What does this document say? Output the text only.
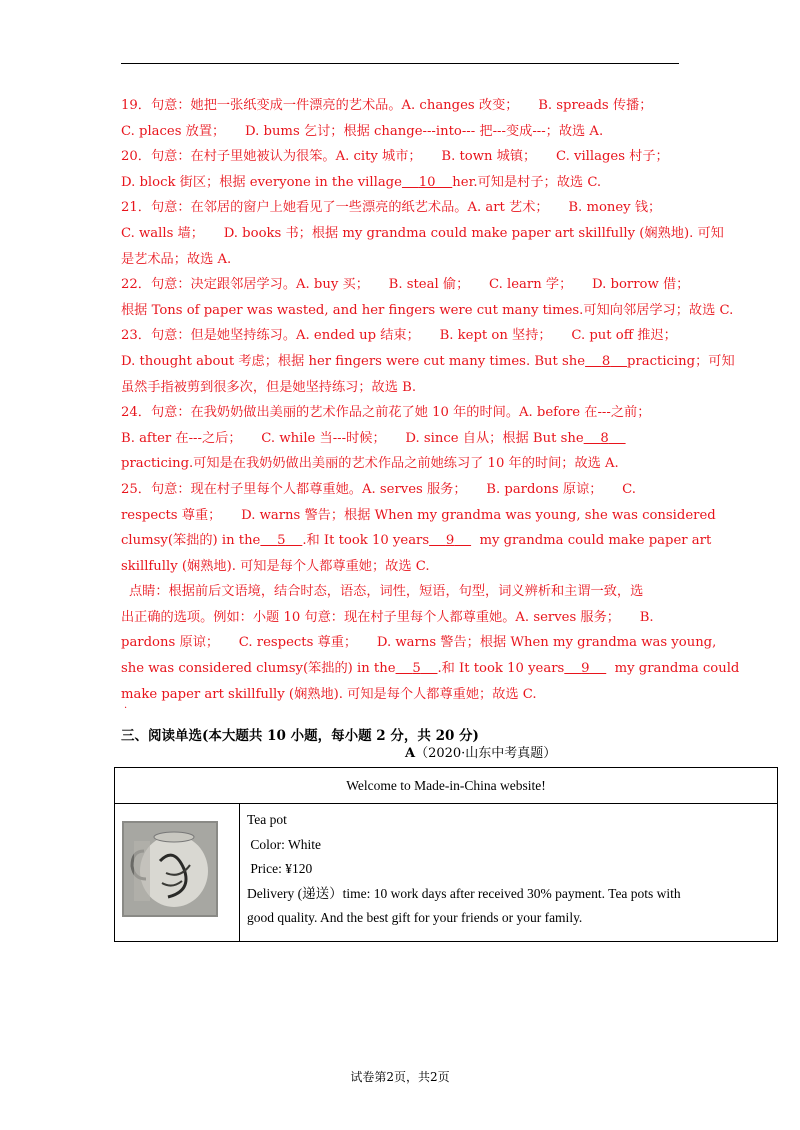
19．句意：她把一张纸变成一件漂亮的艺术品。A. changes 改变；　　B. spreads 传播；
C. places 放置；　　D. bums 乞讨；根据 change---into--- 把---变成---；故选 A.
20．句意：在村子里她被认为很笨。A. city 城市；　　B. town 城镇；　　C. villages 村子；
D. block 街区；根据 everyone in the village 10 her.可知是村子；故选 C.
21．句意：在邻居的窗户上她看见了一些漂亮的纸艺术品。A. art 艺术；　　B. money 钱；
C. walls 墙；　　D. books 书；根据 my grandma could make paper art skillfully (娴熟地). 可知
是艺术品；故选 A.
22．句意：决定跟邻居学习。A. buy 买；　　B. steal 偷；　　C. learn 学；　　D. borrow 借；
根据 Tons of paper was wasted, and her fingers were cut many times.可知向邻居学习；故选 C.
23．句意：但是她坚持练习。A. ended up 结束；　　B. kept on 坚持；　　C. put off 推迟；
D. thought about 考虑；根据 her fingers were cut many times. But she 8 practicing；可知
虽然手指被剪到很多次，但是她坚持练习；故选 B.
24．句意：在我奶奶做出美丽的艺术作品之前花了她 10 年的时间。A. before 在---之前；
B. after 在---之后；　　C. while 当---时候；　　D. since 自从；根据 But she 8
practicing.可知是在我奶奶做出美丽的艺术作品之前她练习了 10 年的时间；故选 A.
25．句意：现在村子里每个人都尊重她。A. serves 服务；　　B. pardons 原谅；　　C.
respects 尊重；　　D. warns 警告；根据 When my grandma was young, she was considered
clumsy(笨拙的) in the 5 .和 It took 10 years 9 my grandma could make paper art
skillfully (娴熟地). 可知是每个人都尊重她；故选 C.
点睛：根据前后文语境，结合时态，语态，词性，短语，句型，词义辨析和主谓一致，选
出正确的选项。例如：小题 10 句意：现在村子里每个人都尊重她。A. serves 服务；　　B.
pardons 原谅；　　C. respects 尊重；　　D. warns 警告；根据 When my grandma was young,
she was considered clumsy(笨拙的) in the 5 .和 It took 10 years 9 my grandma could
make paper art skillfully (娴熟地). 可知是每个人都尊重她；故选 C.
·
三、阅读单选(本大题共 10 小题，每小题 2 分，共 20 分)
A（2020·山东中考真题）
Welcome to Made-in-China website!
Tea pot
Color: White
Price: ¥120
Delivery (递送）time: 10 work days after received 30% payment. Tea pots with
good quality. And the best gift for your friends or your family.
试卷第2页，共2页
